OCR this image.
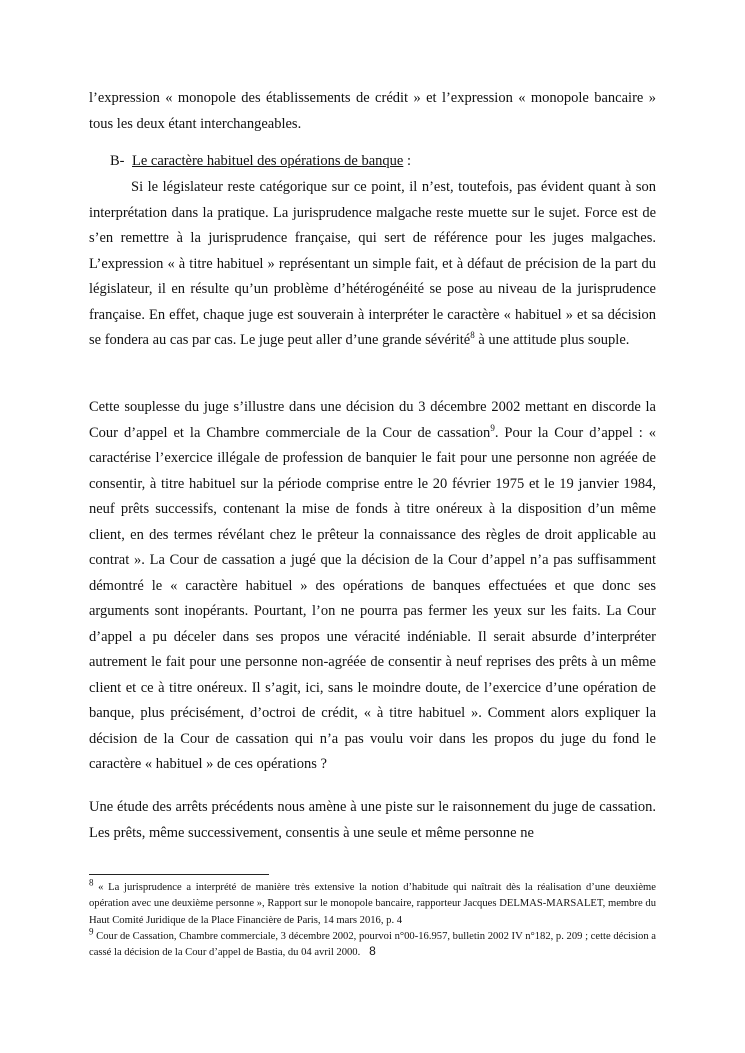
l’expression « monopole des établissements de crédit » et l’expression « monopole bancaire » tous les deux étant interchangeables.

B- Le caractère habituel des opérations de banque :

Si le législateur reste catégorique sur ce point, il n’est, toutefois, pas évident quant à son interprétation dans la pratique. La jurisprudence malgache reste muette sur le sujet. Force est de s’en remettre à la jurisprudence française, qui sert de référence pour les juges malgaches. L’expression « à titre habituel » représentant un simple fait, et à défaut de précision de la part du législateur, il en résulte qu’un problème d’hétérogénéité se pose au niveau de la jurisprudence française. En effet, chaque juge est souverain à interpréter le caractère « habituel » et sa décision se fondera au cas par cas. Le juge peut aller d’une grande sévérité$^8$ à une attitude plus souple.

Cette souplesse du juge s’illustre dans une décision du 3 décembre 2002 mettant en discorde la Cour d’appel et la Chambre commerciale de la Cour de cassation$^9$. Pour la Cour d’appel : « caractérise l’exercice illégale de profession de banquier le fait pour une personne non agréée de consentir, à titre habituel sur la période comprise entre le 20 février 1975 et le 19 janvier 1984, neuf prêts successifs, contenant la mise de fonds à titre onéreux à la disposition d’un même client, en des termes révélant chez le prêteur la connaissance des règles de droit applicable au contrat ». La Cour de cassation a jugé que la décision de la Cour d’appel n’a pas suffisamment démontré le « caractère habituel » des opérations de banques effectuées et que donc ses arguments sont inopérants. Pourtant, l’on ne pourra pas fermer les yeux sur les faits. La Cour d’appel a pu déceler dans ses propos une véracité indéniable. Il serait absurde d’interpréter autrement le fait pour une personne non-agréée de consentir à neuf reprises des prêts à un même client et ce à titre onéreux. Il s’agit, ici, sans le moindre doute, de l’exercice d’une opération de banque, plus précisément, d’octroi de crédit, « à titre habituel ». Comment alors expliquer la décision de la Cour de cassation qui n’a pas voulu voir dans les propos du juge du fond le caractère « habituel » de ces opérations ?

Une étude des arrêts précédents nous amène à une piste sur le raisonnement du juge de cassation. Les prêts, même successivement, consentis à une seule et même personne ne

$^8$ « La jurisprudence a interprété de manière très extensive la notion d’habitude qui naîtrait dès la réalisation d’une deuxième opération avec une deuxième personne », Rapport sur le monopole bancaire, rapporteur Jacques DELMAS-MARSALET, membre du Haut Comité Juridique de la Place Financière de Paris, 14 mars 2016, p. 4

$^9$ Cour de Cassation, Chambre commerciale, 3 décembre 2002, pourvoi n°00-16.957, bulletin 2002 IV n°182, p. 209 ; cette décision a cassé la décision de la Cour d’appel de Bastia, du 04 avril 2000. 8
